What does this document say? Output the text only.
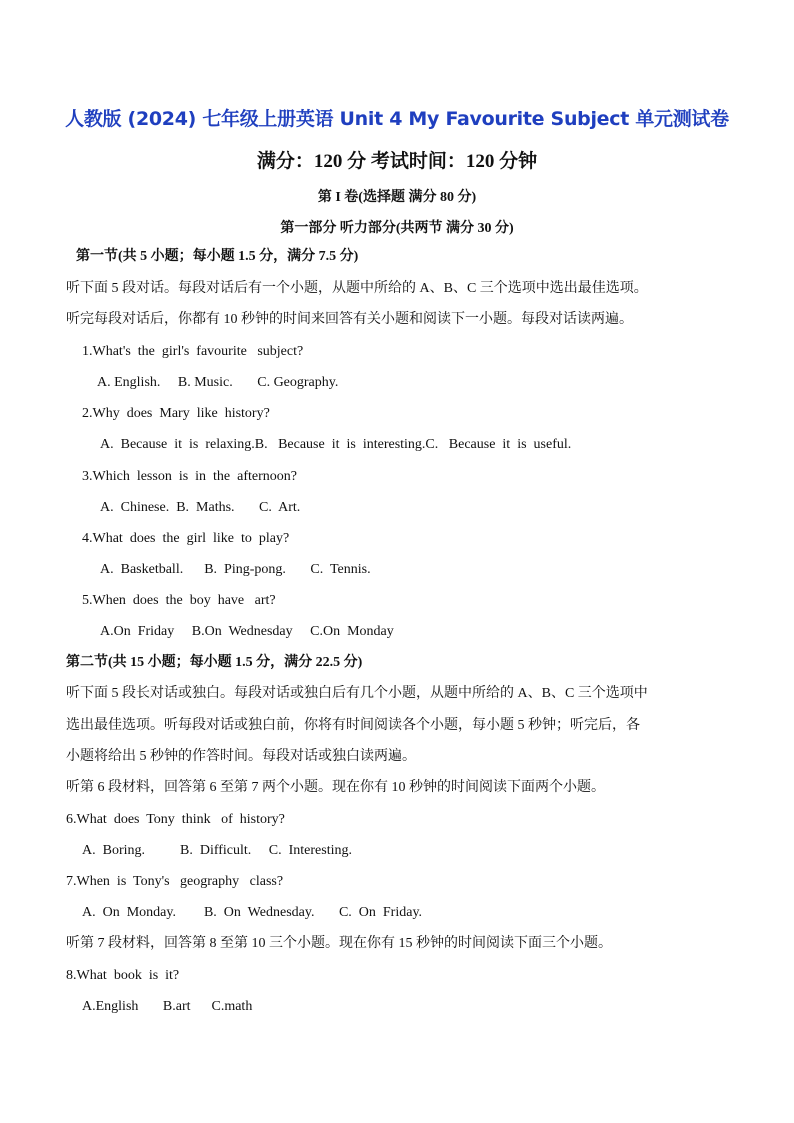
人教版 (2024) 七年级上册英语 Unit 4 My Favourite Subject 单元测试卷
满分：120 分 考试时间：120 分钟
第 I 卷(选择题 满分 80 分)
第一部分 听力部分(共两节 满分 30 分)
第一节(共 5 小题；每小题 1.5 分，满分 7.5 分)
听下面 5 段对话。每段对话后有一个小题，从题中所给的 A、B、C 三个选项中选出最佳选项。
听完每段对话后，你都有 10 秒钟的时间来回答有关小题和阅读下一小题。每段对话读两遍。
1.What's  the  girl's  favourite   subject?
A. English.     B. Music.       C. Geography.
2.Why  does  Mary  like  history?
A.  Because  it  is  relaxing.B.   Because  it  is  interesting.C.   Because  it  is  useful.
3.Which  lesson  is  in  the  afternoon?
A.  Chinese.  B.  Maths.       C.  Art.
4.What  does  the  girl  like  to  play?
A.  Basketball.      B.  Ping-pong.       C.  Tennis.
5.When  does  the  boy  have   art?
A.On  Friday     B.On  Wednesday     C.On  Monday
第二节(共 15 小题；每小题 1.5 分，满分 22.5 分)
听下面 5 段长对话或独白。每段对话或独白后有几个小题，从题中所给的 A、B、C 三个选项中
选出最佳选项。听每段对话或独白前，你将有时间阅读各个小题，每小题 5 秒钟；听完后，各
小题将给出 5 秒钟的作答时间。每段对话或独白读两遍。
听第 6 段材料，回答第 6 至第 7 两个小题。现在你有 10 秒钟的时间阅读下面两个小题。
6.What  does  Tony  think   of  history?
A.  Boring.          B.  Difficult.     C.  Interesting.
7.When  is  Tony's   geography   class?
A.  On  Monday.        B.  On  Wednesday.       C.  On  Friday.
听第 7 段材料，回答第 8 至第 10 三个小题。现在你有 15 秒钟的时间阅读下面三个小题。
8.What  book  is  it?
A.English       B.art      C.math
